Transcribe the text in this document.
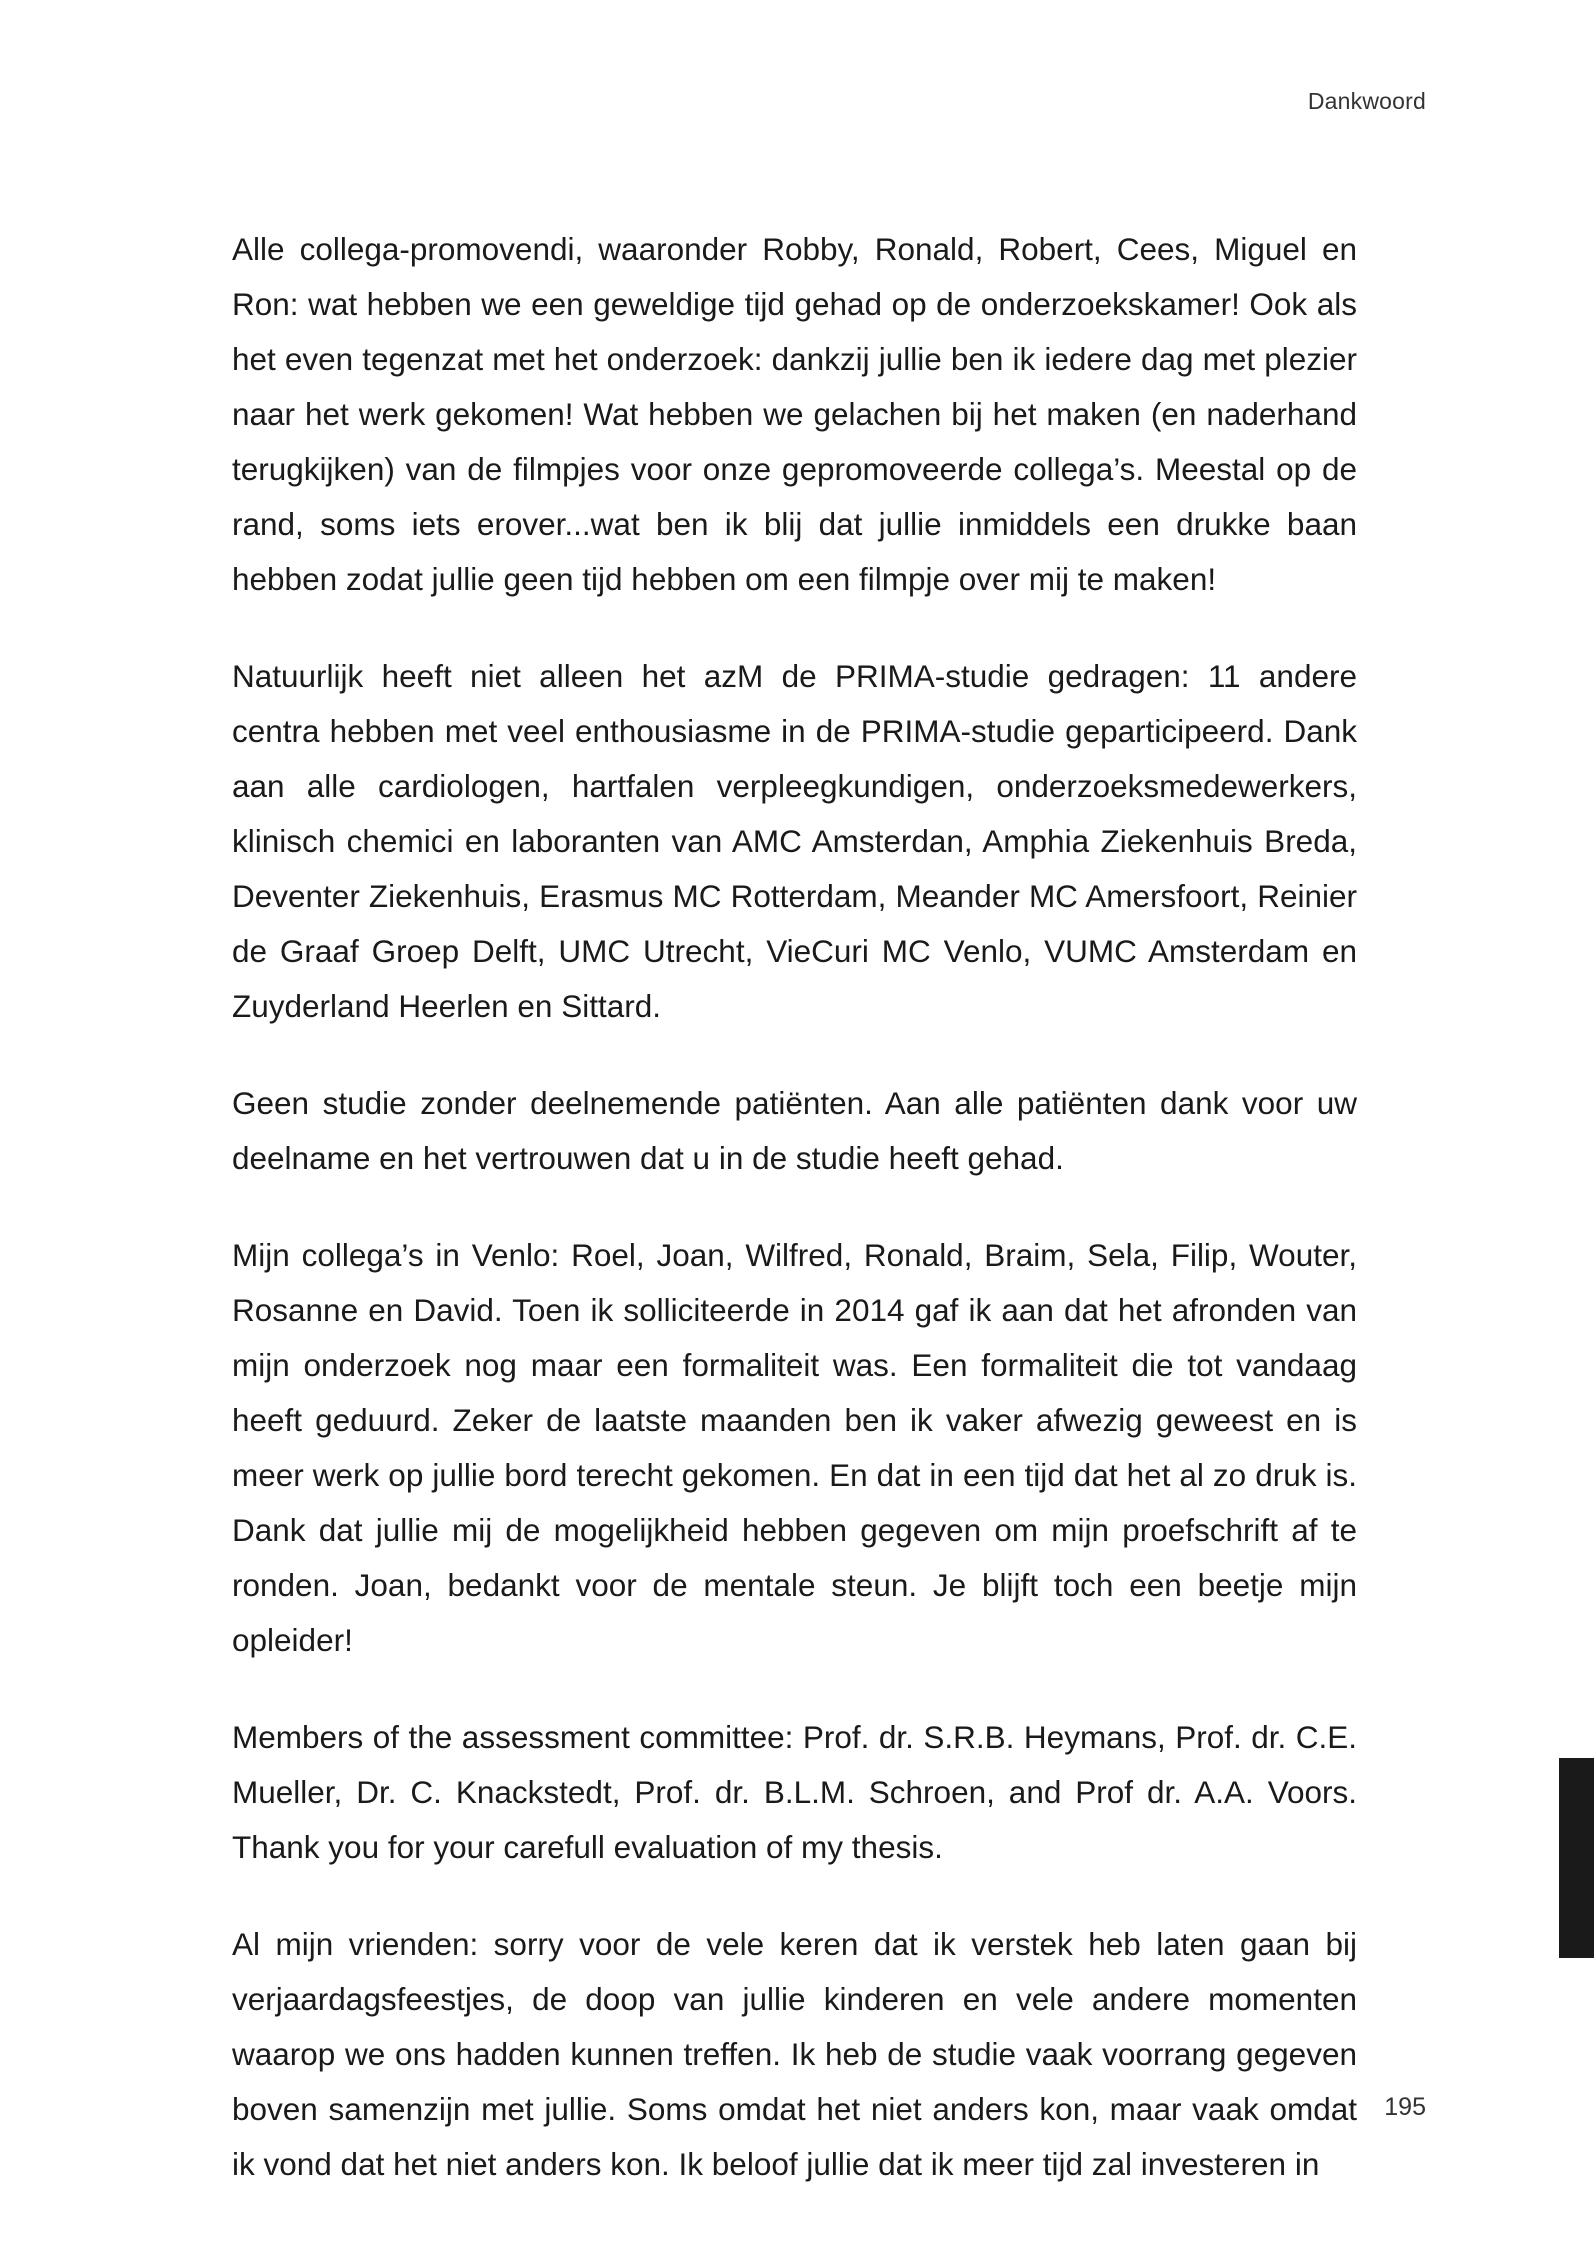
Dankwoord

Alle collega-promovendi, waaronder Robby, Ronald, Robert, Cees, Miguel en Ron: wat hebben we een geweldige tijd gehad op de onderzoekskamer! Ook als het even tegenzat met het onderzoek: dankzij jullie ben ik iedere dag met plezier naar het werk gekomen! Wat hebben we gelachen bij het maken (en naderhand terugkijken) van de filmpjes voor onze gepromoveerde collega’s. Meestal op de rand, soms iets erover...wat ben ik blij dat jullie inmiddels een drukke baan hebben zodat jullie geen tijd hebben om een filmpje over mij te maken!

Natuurlijk heeft niet alleen het azM de PRIMA-studie gedragen: 11 andere centra hebben met veel enthousiasme in de PRIMA-studie geparticipeerd. Dank aan alle cardiologen, hartfalen verpleegkundigen, onderzoeksmedewerkers, klinisch chemici en laboranten van AMC Amsterdan, Amphia Ziekenhuis Breda, Deventer Ziekenhuis, Erasmus MC Rotterdam, Meander MC Amersfoort, Reinier de Graaf Groep Delft, UMC Utrecht, VieCuri MC Venlo, VUMC Amsterdam en Zuyderland Heerlen en Sittard.

Geen studie zonder deelnemende patiënten. Aan alle patiënten dank voor uw deelname en het vertrouwen dat u in de studie heeft gehad.

Mijn collega’s in Venlo: Roel, Joan, Wilfred, Ronald, Braim, Sela, Filip, Wouter, Rosanne en David. Toen ik solliciteerde in 2014 gaf ik aan dat het afronden van mijn onderzoek nog maar een formaliteit was. Een formaliteit die tot vandaag heeft geduurd. Zeker de laatste maanden ben ik vaker afwezig geweest en is meer werk op jullie bord terecht gekomen. En dat in een tijd dat het al zo druk is. Dank dat jullie mij de mogelijkheid hebben gegeven om mijn proefschrift af te ronden. Joan, bedankt voor de mentale steun. Je blijft toch een beetje mijn opleider!

Members of the assessment committee: Prof. dr. S.R.B. Heymans, Prof. dr. C.E. Mueller, Dr. C. Knackstedt, Prof. dr. B.L.M. Schroen, and Prof dr. A.A. Voors. Thank you for your carefull evaluation of my thesis.

Al mijn vrienden: sorry voor de vele keren dat ik verstek heb laten gaan bij verjaardagsfeestjes, de doop van jullie kinderen en vele andere momenten waarop we ons hadden kunnen treffen. Ik heb de studie vaak voorrang gegeven boven samenzijn met jullie. Soms omdat het niet anders kon, maar vaak omdat ik vond dat het niet anders kon. Ik beloof jullie dat ik meer tijd zal investeren in

195
